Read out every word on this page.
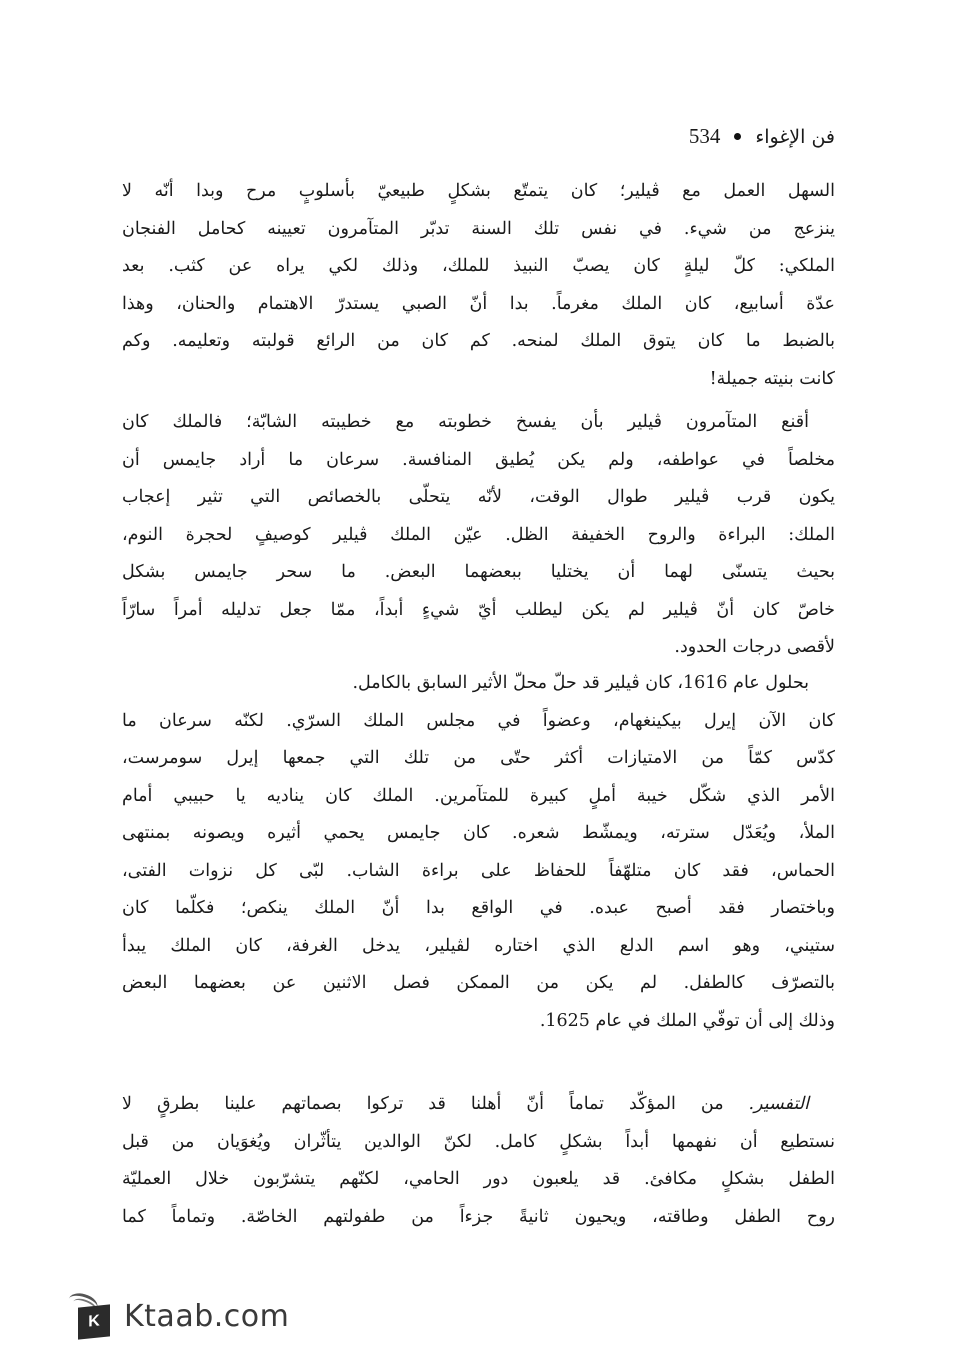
534 فن الإغواء
السهل العمل مع ڤيلير؛ كان يتمتّع بشكلٍ طبيعيّ بأسلوبٍ مرح وبدا أنّه لا
ينزعج من شيء. في نفس تلك السنة تدبّر المتآمرون تعيينه كحامل الفنجان
الملكي: كلّ ليلةٍ كان يصبّ النبيذ للملك، وذلك لكي يراه عن كثب. بعد
عدّة أسابيع، كان الملك مغرماً. بدا أنّ الصبي يستدرّ الاهتمام والحنان، وهذا
بالضبط ما كان يتوق الملك لمنحه. كم كان من الرائع قولبته وتعليمه. وكم
كانت بنيته جميلة!
أقنع المتآمرون ڤيلير بأن يفسخ خطوبته مع خطيبته الشابّة؛ فالملك كان
مخلصاً في عواطفه، ولم يكن يُطيق المنافسة. سرعان ما أراد جايمس أن
يكون قرب ڤيلير طوال الوقت، لأنّه يتحلّى بالخصائص التي تثير إعجاب
الملك: البراءة والروح الخفيفة الظل. عيّن الملك ڤيلير كوصيفٍ لحجرة النوم،
بحيث يتسنّى لهما أن يختليا ببعضهما البعض. ما سحر جايمس بشكل
خاصّ كان أنّ ڤيلير لم يكن ليطلب أيّ شيءٍ أبداً، ممّا جعل تدليله أمراً سارّاً
لأقصى درجات الحدود.
بحلول عام 1616، كان ڤيلير قد حلّ محلّ الأثير السابق بالكامل.
كان الآن إيرل بيكينغهام، وعضواً في مجلس الملك السرّي. لكنّه سرعان ما
كدّس كمّاً من الامتيازات أكثر حتّى من تلك التي جمعها إيرل سومرست،
الأمر الذي شكّل خيبة أملٍ كبيرة للمتآمرين. الملك كان يناديه يا حبيبي أمام
الملأ، ويُعَدّل سترته، ويمشّط شعره. كان جايمس يحمي أثيره ويصونه بمنتهى
الحماس، فقد كان متلهّفاً للحفاظ على براءة الشاب. لبّى كل نزوات الفتى،
وباختصار فقد أصبح عبده. في الواقع بدا أنّ الملك ينكص؛ فكلّما كان
ستيني، وهو اسم الدلع الذي اختاره لڤيلير، يدخل الغرفة، كان الملك يبدأ
بالتصرّف كالطفل. لم يكن من الممكن فصل الاثنين عن بعضهما البعض
وذلك إلى أن توفّي الملك في عام 1625.
التفسير. من المؤكّد تماماً أنّ أهلنا قد تركوا بصماتهم علينا بطرقٍ لا
نستطيع أن نفهمها أبداً بشكلٍ كامل. لكنّ الوالدين يتأثّران ويُغوَيان من قبل
الطفل بشكلٍ مكافئ. قد يلعبون دور الحامي، لكنّهم يتشرّبون خلال العمليّة
روح الطفل وطاقته، ويحيون ثانيةً جزءاً من طفولتهم الخاصّة. وتماماً كما
K Ktaab.com
